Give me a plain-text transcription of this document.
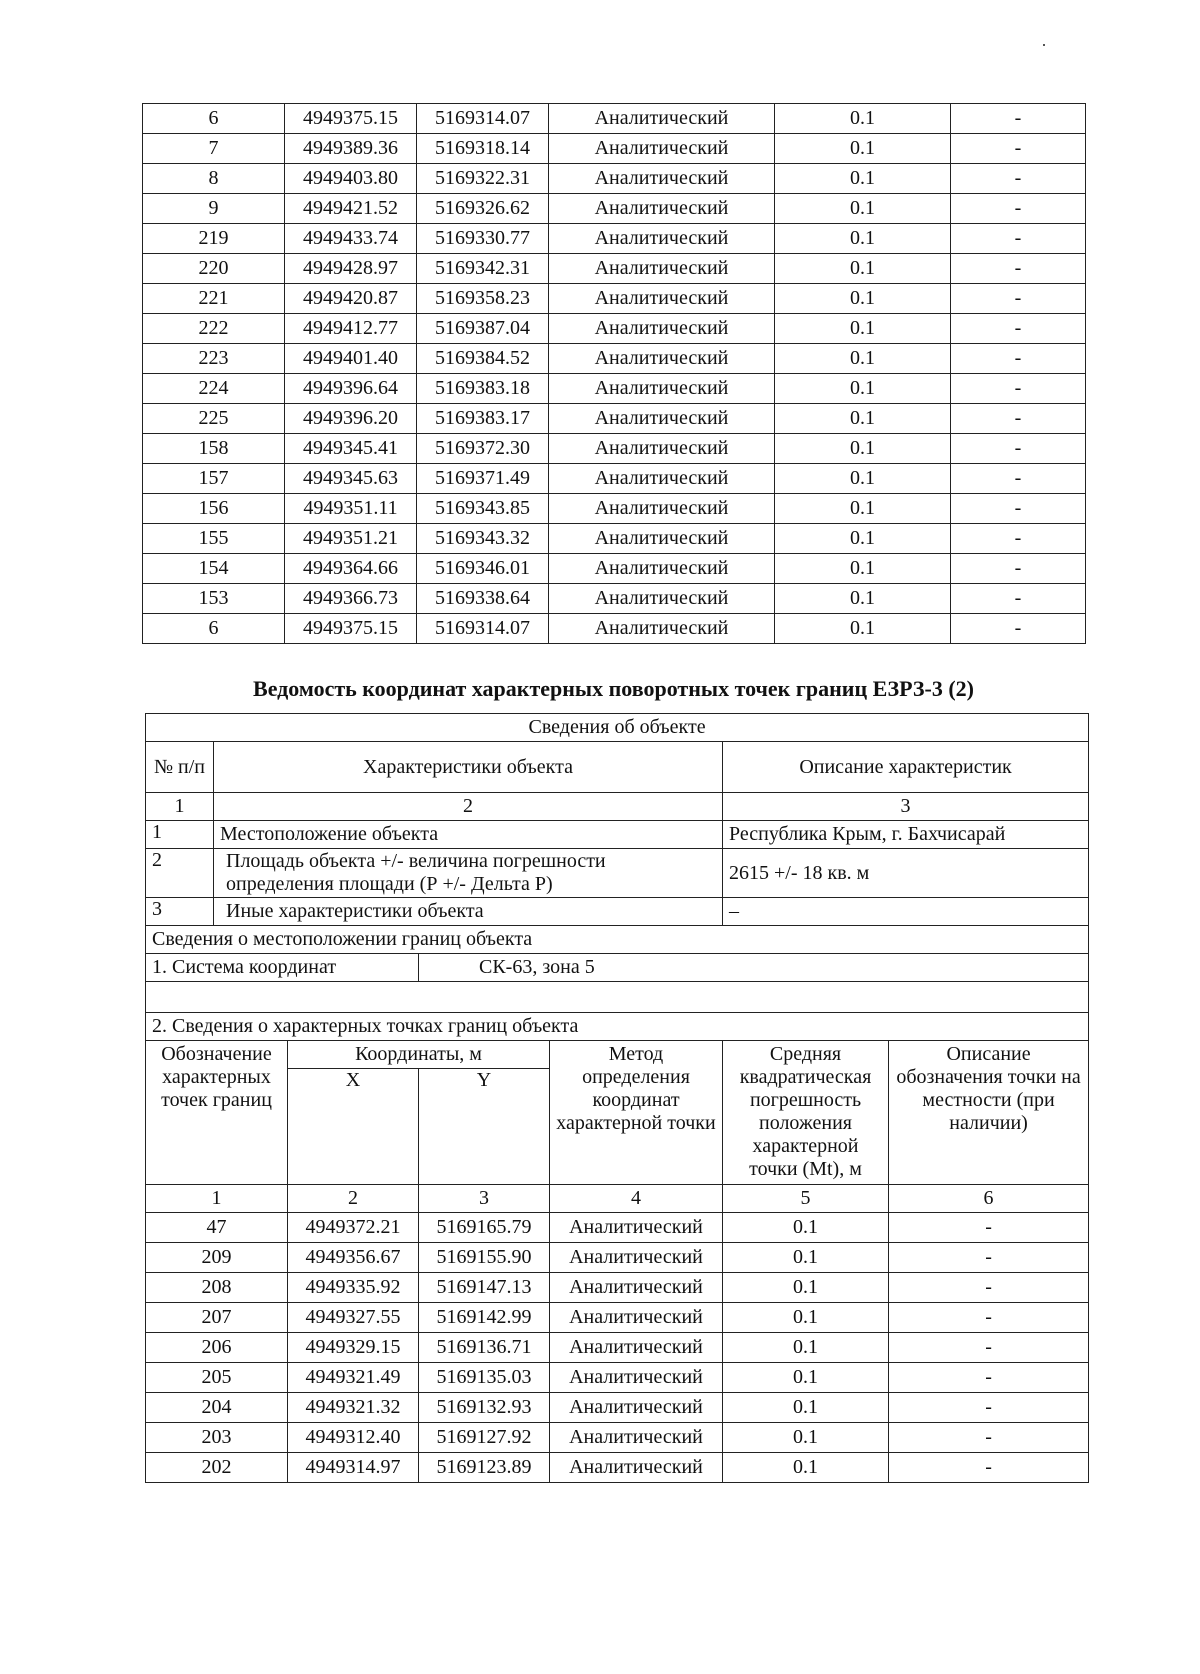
6	4949375.15	5169314.07	Аналитический	0.1	-
7	4949389.36	5169318.14	Аналитический	0.1	-
8	4949403.80	5169322.31	Аналитический	0.1	-
9	4949421.52	5169326.62	Аналитический	0.1	-
219	4949433.74	5169330.77	Аналитический	0.1	-
220	4949428.97	5169342.31	Аналитический	0.1	-
221	4949420.87	5169358.23	Аналитический	0.1	-
222	4949412.77	5169387.04	Аналитический	0.1	-
223	4949401.40	5169384.52	Аналитический	0.1	-
224	4949396.64	5169383.18	Аналитический	0.1	-
225	4949396.20	5169383.17	Аналитический	0.1	-
158	4949345.41	5169372.30	Аналитический	0.1	-
157	4949345.63	5169371.49	Аналитический	0.1	-
156	4949351.11	5169343.85	Аналитический	0.1	-
155	4949351.21	5169343.32	Аналитический	0.1	-
154	4949364.66	5169346.01	Аналитический	0.1	-
153	4949366.73	5169338.64	Аналитический	0.1	-
6	4949375.15	5169314.07	Аналитический	0.1	-
Ведомость координат характерных поворотных точек границ ЕЗРЗ-3 (2)
Сведения об объекте						
№ п/п	Характеристики объекта				Описание характеристик	
1	2				3	
1	Местоположение объекта				Республика Крым, г. Бахчисарай	
2	Площадь объекта +/- величина погрешности определения площади (Р +/- Дельта Р)				2615 +/- 18 кв. м	
3	Иные характеристики объекта				–	
Сведения о местоположении границ объекта						
1. Система координат			СК-63, зона 5			

2. Сведения о характерных точках границ объекта						
Обозначение характерных точек границ		Координаты, м		Метод определения координат характерной точки	Средняя квадратическая погрешность положения характерной точки (Mt), м	Описание обозначения точки на местности (при наличии)
		X	Y			
1		2	3	4	5	6
47		4949372.21	5169165.79	Аналитический	0.1	-
209		4949356.67	5169155.90	Аналитический	0.1	-
208		4949335.92	5169147.13	Аналитический	0.1	-
207		4949327.55	5169142.99	Аналитический	0.1	-
206		4949329.15	5169136.71	Аналитический	0.1	-
205		4949321.49	5169135.03	Аналитический	0.1	-
204		4949321.32	5169132.93	Аналитический	0.1	-
203		4949312.40	5169127.92	Аналитический	0.1	-
202		4949314.97	5169123.89	Аналитический	0.1	-
